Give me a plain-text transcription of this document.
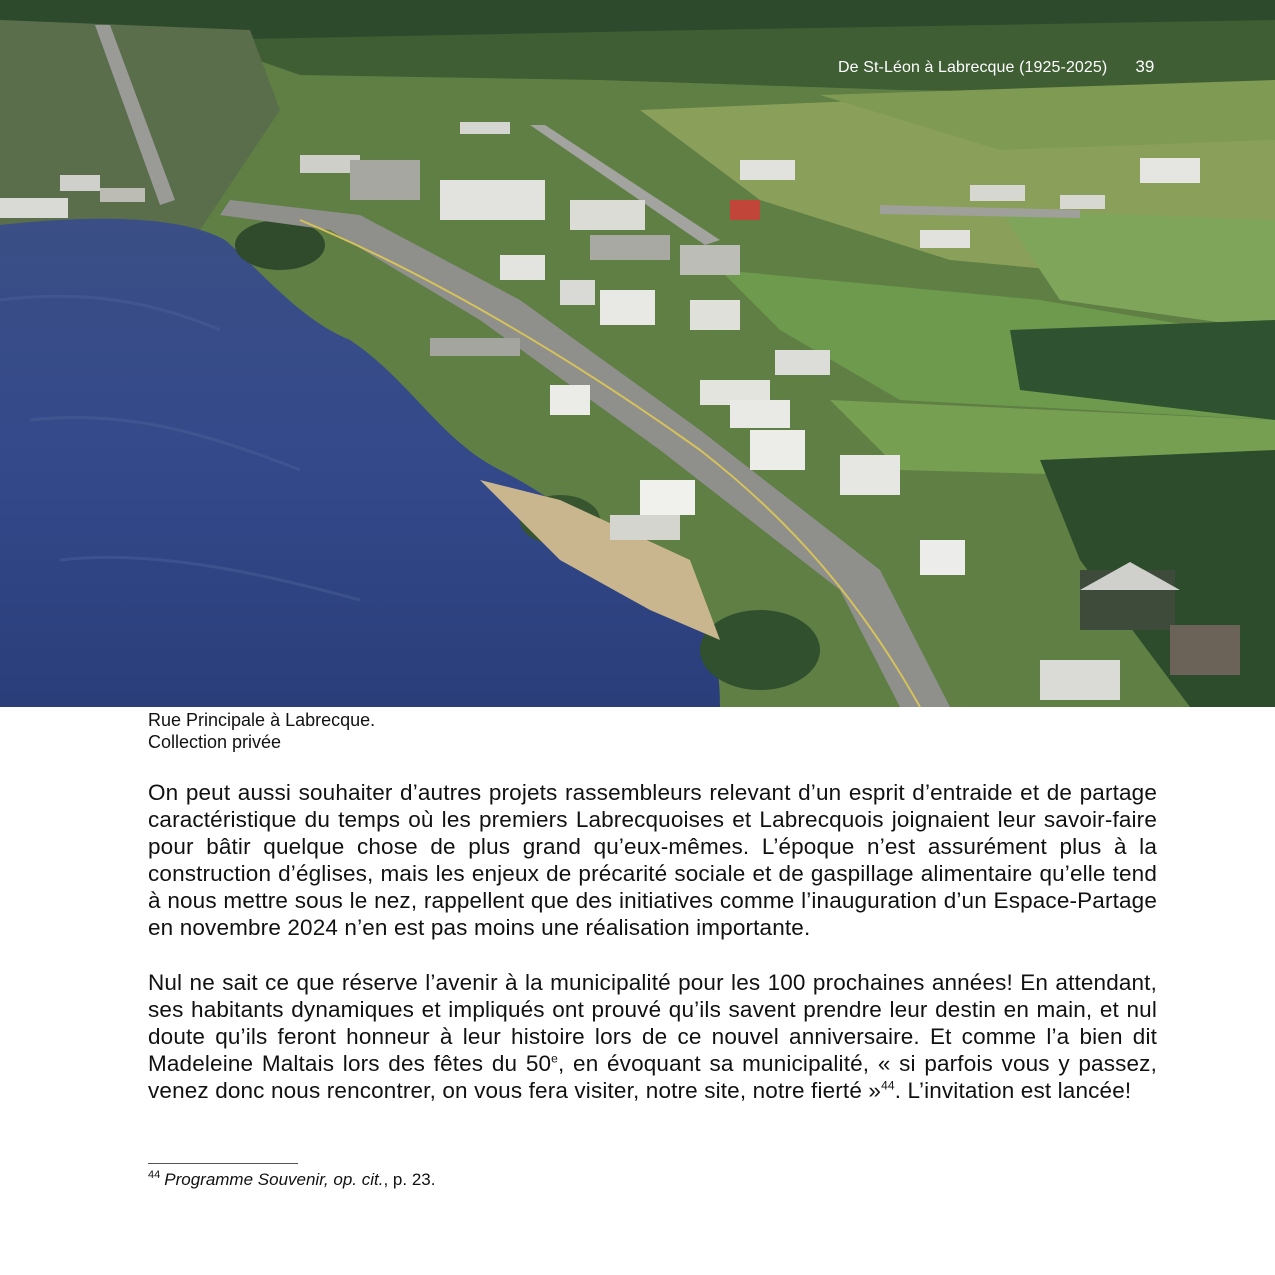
De St-Léon à Labrecque (1925-2025) 39
Rue Principale à Labrecque.
Collection privée

On peut aussi souhaiter d’autres projets rassembleurs relevant d’un esprit d’entraide et de partage caractéristique du temps où les premiers Labrecquoises et Labrecquois joignaient leur savoir-faire pour bâtir quelque chose de plus grand qu’eux-mêmes. L’époque n’est assurément plus à la construction d’églises, mais les enjeux de précarité sociale et de gaspillage alimentaire qu’elle tend à nous mettre sous le nez, rappellent que des initiatives comme l’inauguration d’un Espace-Partage en novembre 2024 n’en est pas moins une réalisation importante.

Nul ne sait ce que réserve l’avenir à la municipalité pour les 100 prochaines années! En attendant, ses habitants dynamiques et impliqués ont prouvé qu’ils savent prendre leur destin en main, et nul doute qu’ils feront honneur à leur histoire lors de ce nouvel anniversaire. Et comme l’a bien dit Madeleine Maltais lors des fêtes du 50e, en évoquant sa municipalité, « si parfois vous y passez, venez donc nous rencontrer, on vous fera visiter, notre site, notre fierté »$^{44}$. L’invitation est lancée!

$^{44}$ Programme Souvenir, op. cit., p. 23.
